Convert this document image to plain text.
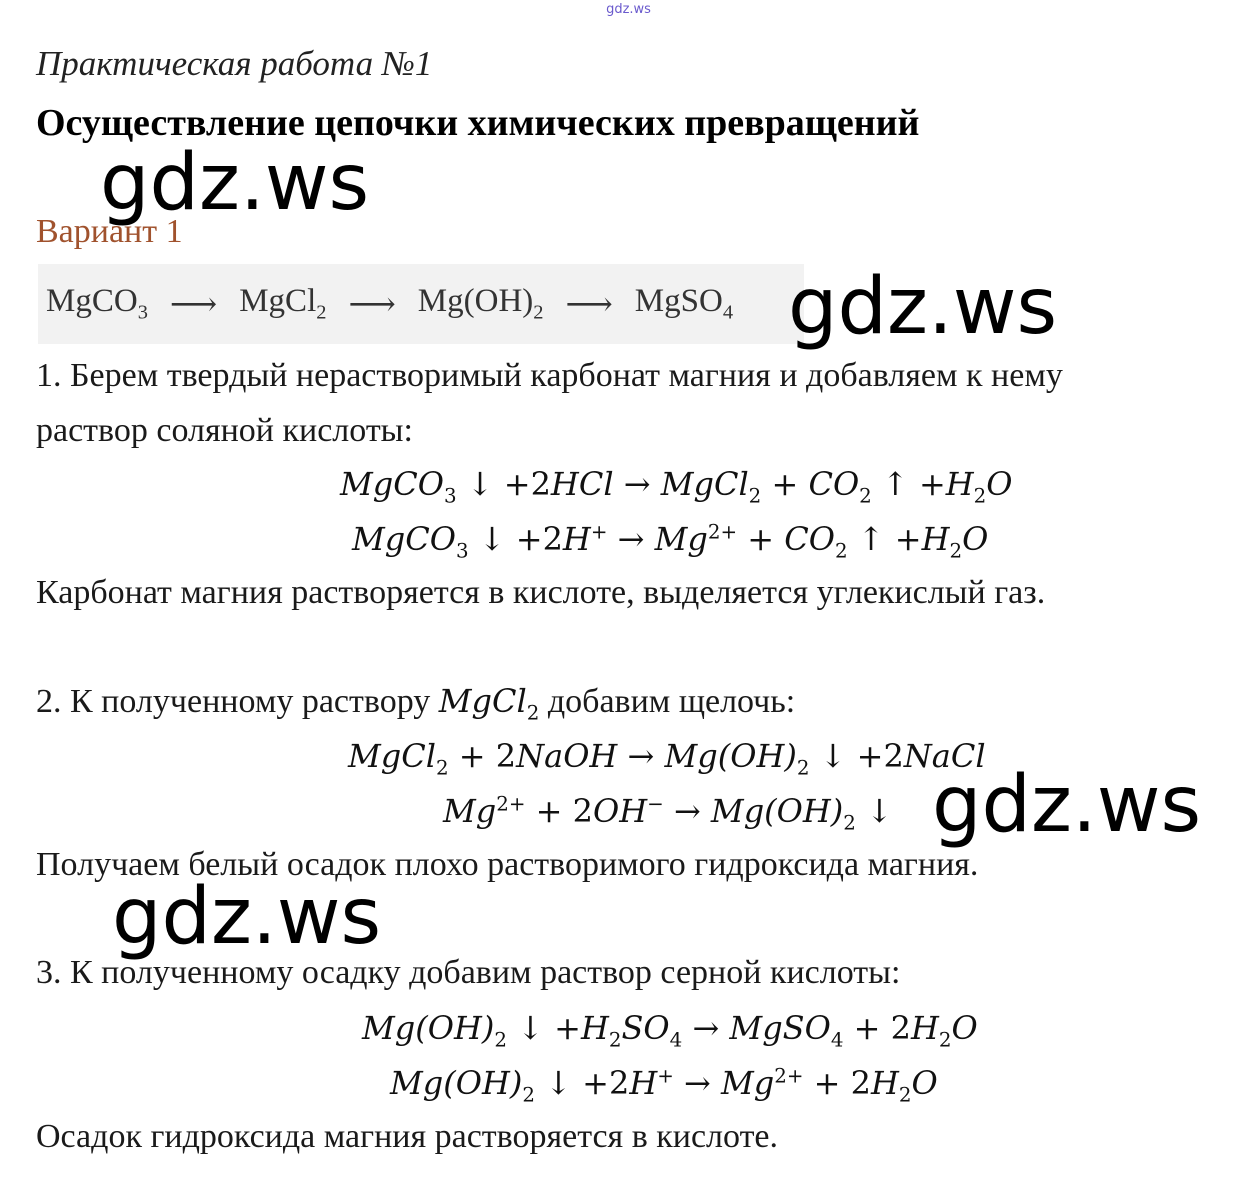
gdz.ws
Практическая работа №1
Осуществление цепочки химических превращений
Вариант 1
MgCO$_3$ ⟶ MgCl$_2$ ⟶ $Mg(OH)_2$ ⟶ MgSO$_4$
1. Берем твердый нерастворимый карбонат магния и добавляем к нему
раствор соляной кислоты:
MgCO$_3$ ↓ +2HCl → MgCl$_2$ + $CO_2$ ↑ $+H_2O$
MgCO$_3$ ↓ $+2H^+ \to Mg^{2+} + CO_2$ ↑ $+H_2O$
Карбонат магния растворяется в кислоте, выделяется углекислый газ.
2. К полученному раствору MgCl$_2$ добавим щелочь:
MgCl$_2$ + 2NaOH → $Mg(OH)_2$ ↓ +2NaCl
$Mg^{2+} + 2OH^- \to Mg(OH)_2$ ↓
Получаем белый осадок плохо растворимого гидроксида магния.
3. К полученному осадку добавим раствор серной кислоты:
$Mg(OH)_2$ ↓ $+H_2SO_4$ → MgSO$_4$ + $2H_2O$
$Mg(OH)_2$ ↓ $+2H^+ \to Mg^{2+} + 2H_2O$
Осадок гидроксида магния растворяется в кислоте.
gdz.ws
gdz.ws
gdz.ws
gdz.ws
